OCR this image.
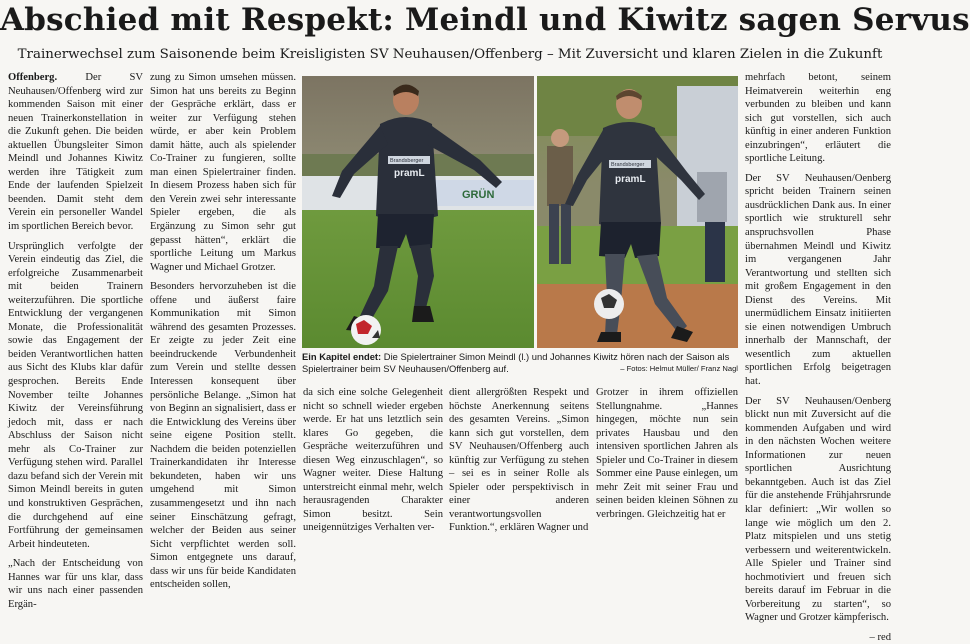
Abschied mit Respekt: Meindl und Kiwitz sagen Servus
Trainerwechsel zum Saisonende beim Kreisligisten SV Neuhausen/Offenberg – Mit Zuversicht und klaren Zielen in die Zukunft

Offenberg.	Der SV Neuhausen/Offenberg wird zur kommenden Saison mit einer neuen Trainerkonstellation in die Zukunft gehen. Die beiden aktuellen Übungsleiter Simon Meindl und Johannes Kiwitz werden ihre Tätigkeit zum Ende der laufenden Spielzeit beenden. Damit steht dem Verein ein personeller Wandel im sportlichen Bereich bevor.

Ursprünglich verfolgte der Verein eindeutig das Ziel, die erfolgreiche Zusammenarbeit mit beiden Trainern weiterzuführen. Die sportliche Entwicklung der vergangenen Monate, die Professionalität sowie das Engagement der beiden Verantwortlichen hatten aus Sicht des Klubs klar dafür gesprochen. Bereits Ende November teilte Johannes Kiwitz der Vereinsführung jedoch mit, dass er nach Abschluss der Saison nicht mehr als Co-Trainer zur Verfügung stehen wird. Parallel dazu befand sich der Verein mit Simon Meindl bereits in guten und konstruktiven Gesprächen, die durchgehend auf eine Fortführung der gemeinsamen Arbeit hindeuteten.

„Nach der Entscheidung von Hannes war für uns klar, dass wir uns nach einer passenden Ergän-

zung zu Simon umsehen müssen. Simon hat uns bereits zu Beginn der Gespräche erklärt, dass er weiter zur Verfügung stehen würde, er aber kein Problem damit hätte, auch als spielender Co-Trainer zu fungieren, sollte man einen Spielertrainer finden. In diesem Prozess haben sich für den Verein zwei sehr interessante Spieler ergeben, die als Ergänzung zu Simon sehr gut gepasst hätten“, erklärt die sportliche Leitung um Markus Wagner und Michael Grotzer.

Besonders hervorzuheben ist die offene und äußerst faire Kommunikation mit Simon während des gesamten Prozesses. Er zeigte zu jeder Zeit eine beeindruckende Verbundenheit zum Verein und stellte dessen Interessen konsequent über persönliche Belange. „Simon hat von Beginn an signalisiert, dass er die Entwicklung des Vereins über seine eigene Position stellt. Nachdem die beiden potenziellen Trainerkandidaten ihr Interesse bekundeten, haben wir uns umgehend mit Simon zusammengesetzt und ihn nach seiner Einschätzung gefragt, welcher der Beiden aus seiner Sicht verpflichtet werden soll. Simon entgegnete uns darauf, dass wir uns für beide Kandidaten entscheiden sollen,

GRÜN
Brandsberger
pramL
Brandsberger
pramL
Ein Kapitel endet: Die Spielertrainer Simon Meindl (l.) und Johannes Kiwitz hören nach der Saison als Spielertrainer beim SV Neuhausen/Offenberg auf.	– Fotos: Helmut Müller/ Franz Nagl
da sich eine solche Gelegenheit nicht so schnell wieder ergeben werde. Er hat uns letztlich sein klares Go gegeben, die Gespräche weiterzuführen und diesen Weg einzuschlagen“, so Wagner weiter. Diese Haltung unterstreicht einmal mehr, welch herausragenden Charakter Simon besitzt. Sein uneigennütziges Verhalten ver-
dient allergrößten Respekt und höchste Anerkennung seitens des gesamten Vereins. „Simon kann sich gut vorstellen, dem SV Neuhausen/Offenberg auch künftig zur Verfügung zu stehen – sei es in seiner Rolle als Spieler oder perspektivisch in einer anderen verantwortungsvollen Funktion.“, erklären Wagner und
Grotzer in ihrem offiziellen Stellungnahme. „Hannes hingegen, möchte nun sein privates Hausbau und den intensiven sportlichen Jahren als Spieler und Co-Trainer in diesem Sommer eine Pause einlegen, um mehr Zeit mit seiner Frau und seinen beiden kleinen Söhnen zu verbringen. Gleichzeitig hat er

mehrfach betont, seinem Heimatverein weiterhin eng verbunden zu bleiben und kann sich gut vorstellen, sich auch künftig in einer anderen Funktion einzubringen“, erläutert die sportliche Leitung.

Der SV Neuhausen/Oenberg spricht beiden Trainern seinen ausdrücklichen Dank aus. In einer sportlich wie strukturell sehr anspruchsvollen Phase übernahmen Meindl und Kiwitz im vergangenen Jahr Verantwortung und stellten sich mit großem Engagement in den Dienst des Vereins. Mit unermüdlichem Einsatz initiierten sie einen notwendigen Umbruch innerhalb der Mannschaft, der wesentlich zum aktuellen sportlichen Erfolg beigetragen hat.

Der SV Neuhausen/Oenberg blickt nun mit Zuversicht auf die kommenden Aufgaben und wird in den nächsten Wochen weitere Informationen zur neuen sportlichen Ausrichtung bekanntgeben. Auch ist das Ziel für die anstehende Frühjahrsrunde klar definiert: „Wir wollen so lange wie möglich um den 2. Platz mitspielen und uns stetig verbessern und weiterentwickeln. Alle Spieler und Trainer sind hochmotiviert und freuen sich bereits darauf im Februar in die Vorbereitung zu starten“, so Wagner und Grotzer kämpferisch.

– red
